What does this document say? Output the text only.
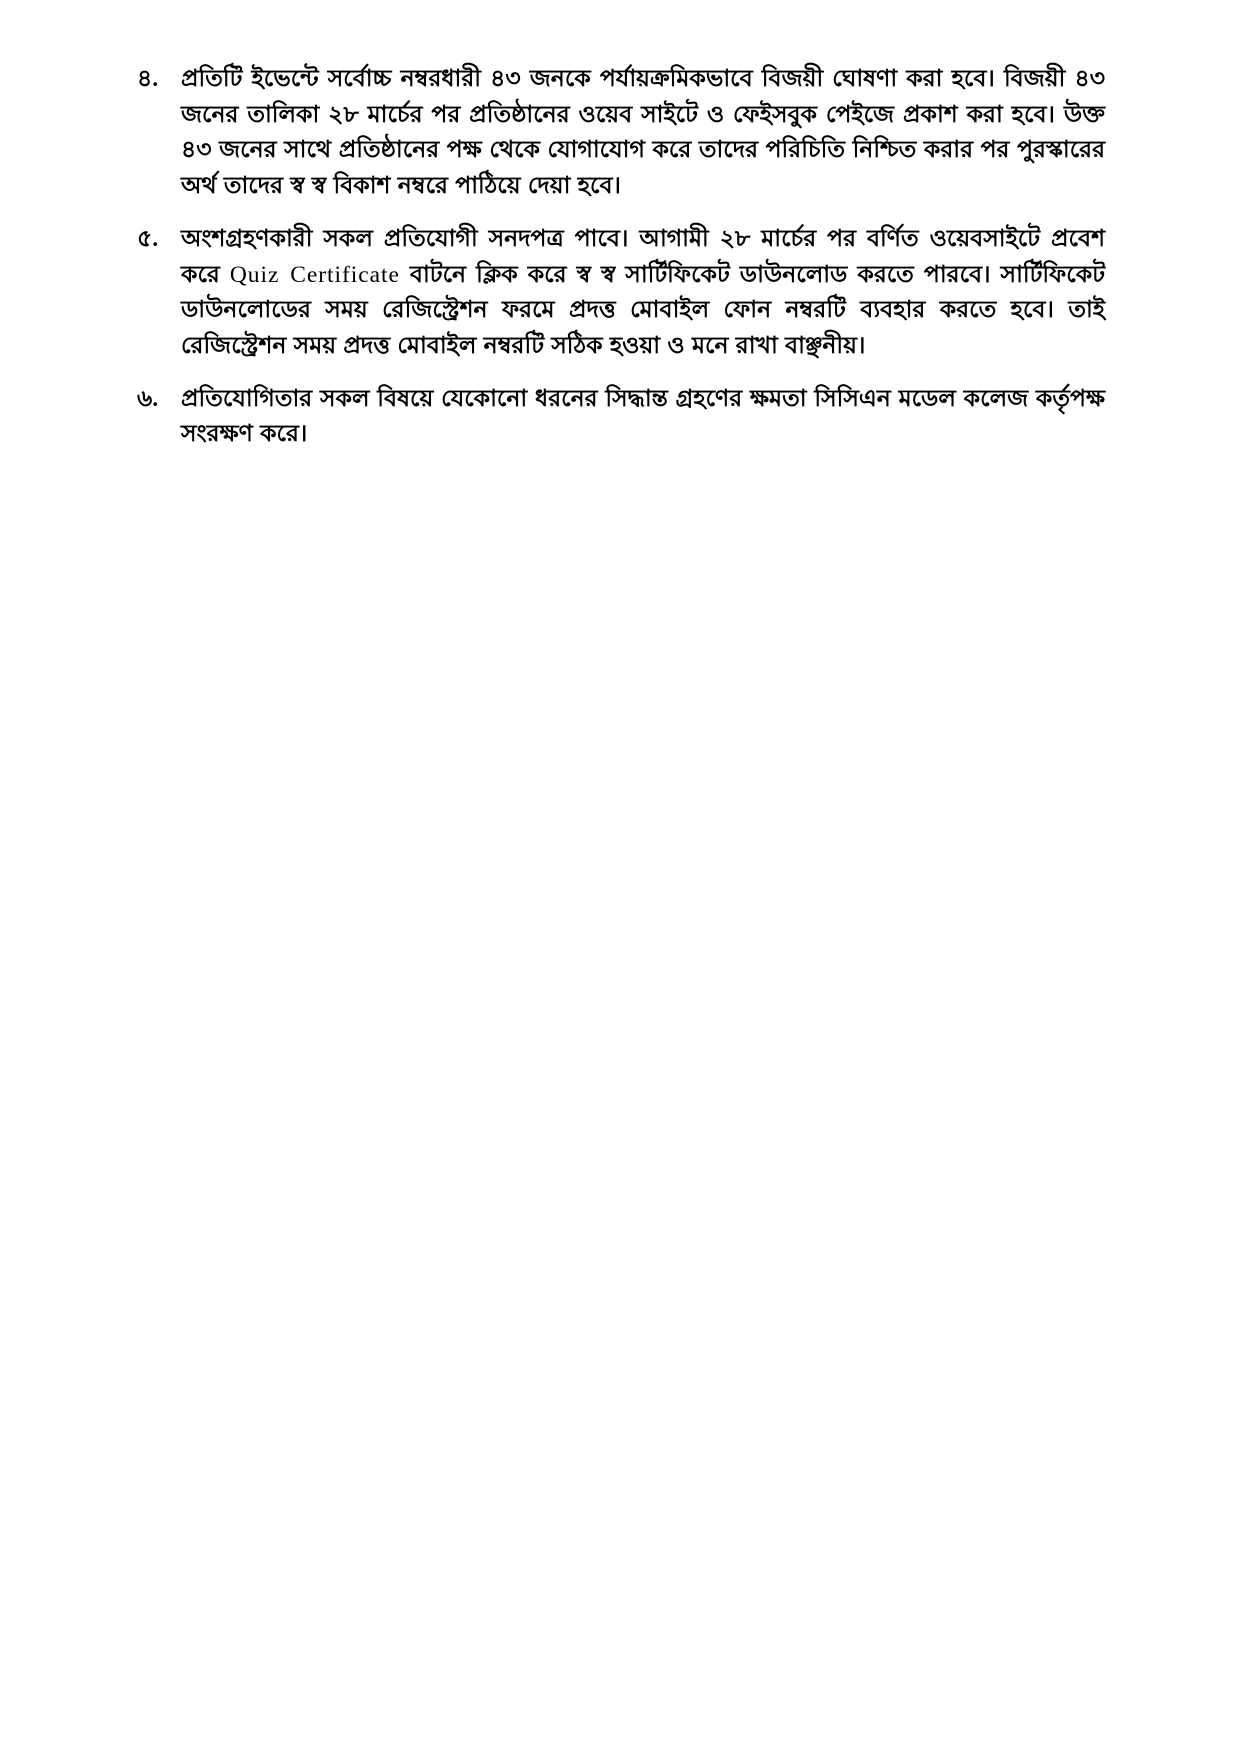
৪. প্রতিটি ইভেন্টে সর্বোচ্চ নম্বরধারী ৪৩ জনকে পর্যায়ক্রমিকভাবে বিজয়ী ঘোষণা করা হবে। বিজয়ী ৪৩ জনের তালিকা ২৮ মার্চের পর প্রতিষ্ঠানের ওয়েব সাইটে ও ফেইসবুক পেইজে প্রকাশ করা হবে। উক্ত ৪৩ জনের সাথে প্রতিষ্ঠানের পক্ষ থেকে যোগাযোগ করে তাদের পরিচিতি নিশ্চিত করার পর পুরস্কারের অর্থ তাদের স্ব স্ব বিকাশ নম্বরে পাঠিয়ে দেয়া হবে।
৫. অংশগ্রহণকারী সকল প্রতিযোগী সনদপত্র পাবে। আগামী ২৮ মার্চের পর বর্ণিত ওয়েবসাইটে প্রবেশ করে Quiz Certificate বাটনে ক্লিক করে স্ব স্ব সার্টিফিকেট ডাউনলোড করতে পারবে। সার্টিফিকেট ডাউনলোডের সময় রেজিস্ট্রেশন ফরমে প্রদত্ত মোবাইল ফোন নম্বরটি ব্যবহার করতে হবে। তাই রেজিস্ট্রেশন সময় প্রদত্ত মোবাইল নম্বরটি সঠিক হওয়া ও মনে রাখা বাঞ্ছনীয়।
৬. প্রতিযোগিতার সকল বিষয়ে যেকোনো ধরনের সিদ্ধান্ত গ্রহণের ক্ষমতা সিসিএন মডেল কলেজ কর্তৃপক্ষ সংরক্ষণ করে।
